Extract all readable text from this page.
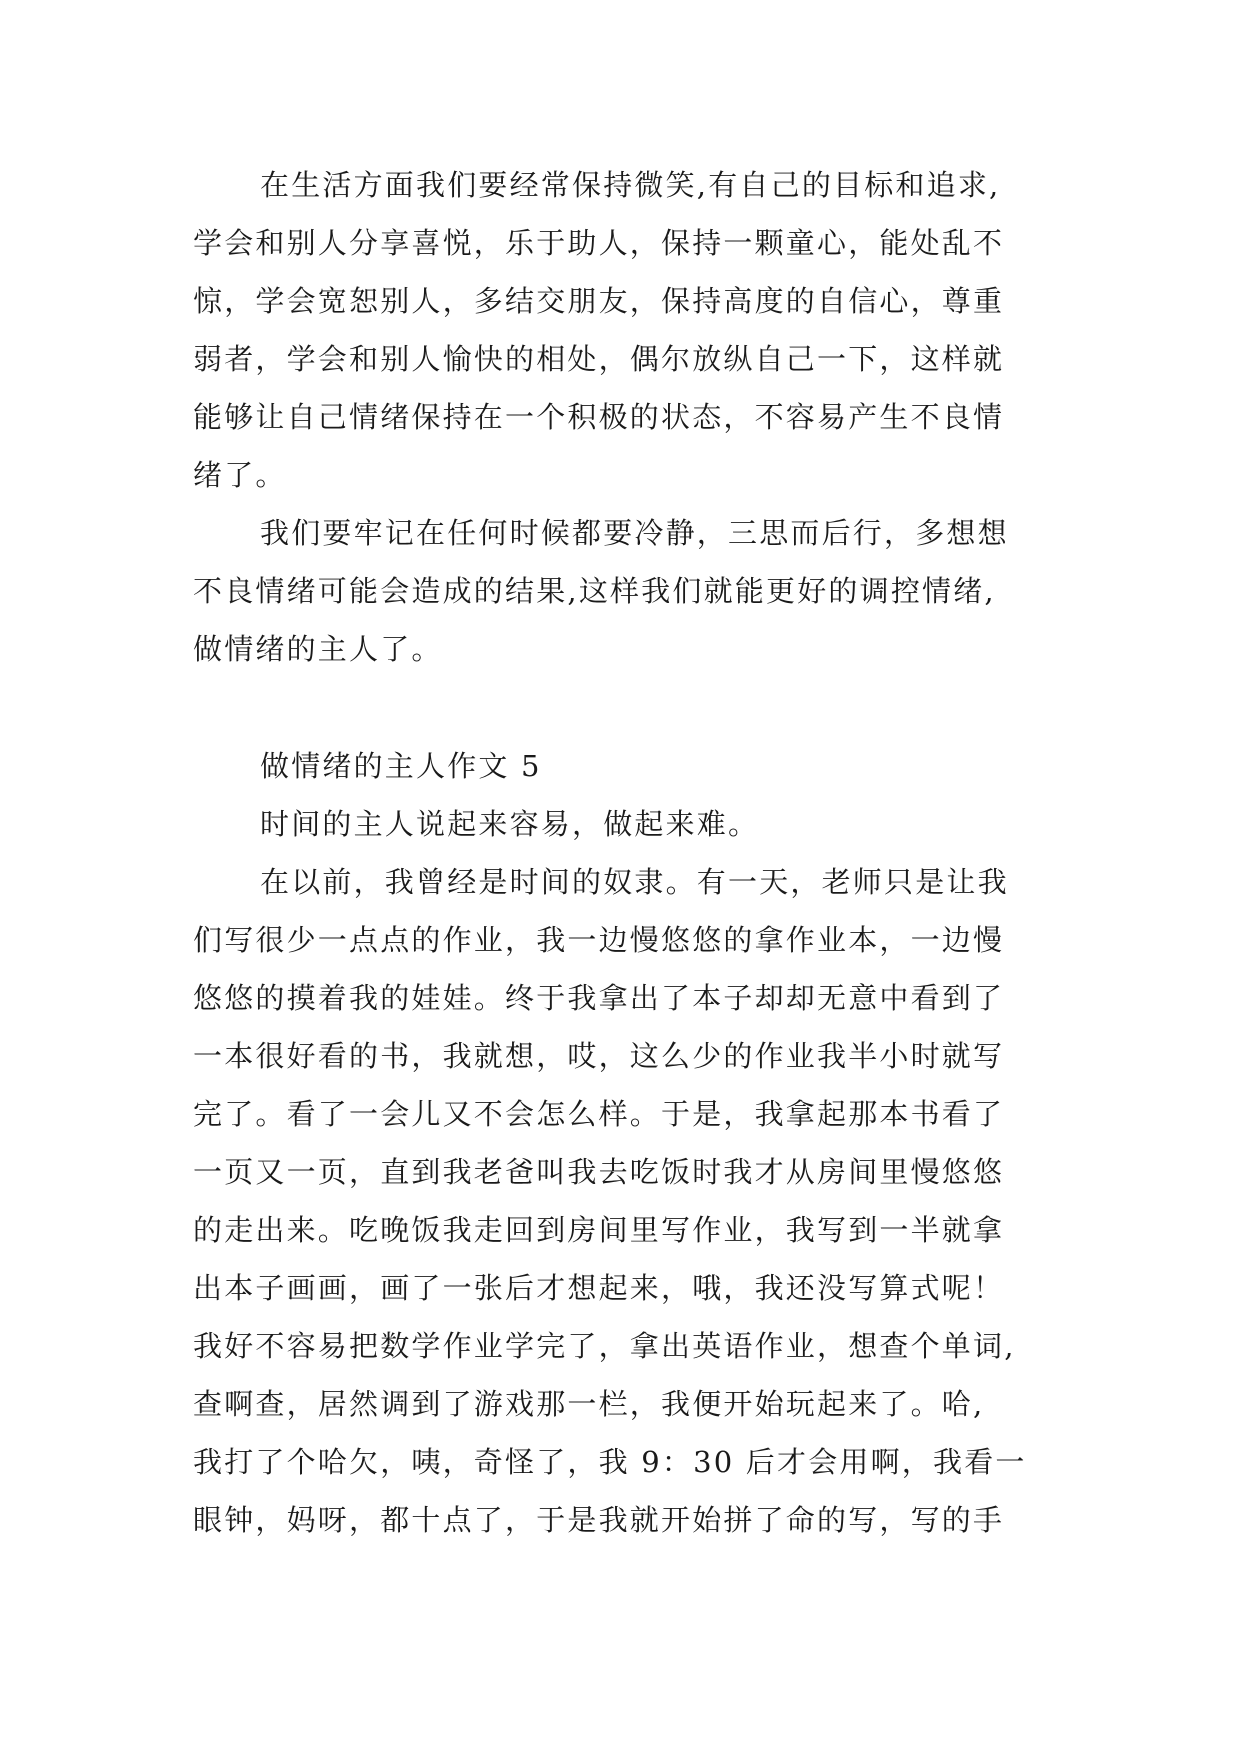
在生活方面我们要经常保持微笑,有自己的目标和追求,
学会和别人分享喜悦，乐于助人，保持一颗童心，能处乱不
惊，学会宽恕别人，多结交朋友，保持高度的自信心，尊重
弱者，学会和别人愉快的相处，偶尔放纵自己一下，这样就
能够让自己情绪保持在一个积极的状态，不容易产生不良情
绪了。
我们要牢记在任何时候都要冷静，三思而后行，多想想
不良情绪可能会造成的结果,这样我们就能更好的调控情绪,
做情绪的主人了。
做情绪的主人作文 5
时间的主人说起来容易，做起来难。
在以前，我曾经是时间的奴隶。有一天，老师只是让我
们写很少一点点的作业，我一边慢悠悠的拿作业本，一边慢
悠悠的摸着我的娃娃。终于我拿出了本子却却无意中看到了
一本很好看的书，我就想，哎，这么少的作业我半小时就写
完了。看了一会儿又不会怎么样。于是，我拿起那本书看了
一页又一页，直到我老爸叫我去吃饭时我才从房间里慢悠悠
的走出来。吃晚饭我走回到房间里写作业，我写到一半就拿
出本子画画，画了一张后才想起来，哦，我还没写算式呢！
我好不容易把数学作业学完了，拿出英语作业，想查个单词,
查啊查，居然调到了游戏那一栏，我便开始玩起来了。哈,
我打了个哈欠，咦，奇怪了，我 9：30 后才会用啊，我看一
眼钟，妈呀，都十点了，于是我就开始拼了命的写，写的手
